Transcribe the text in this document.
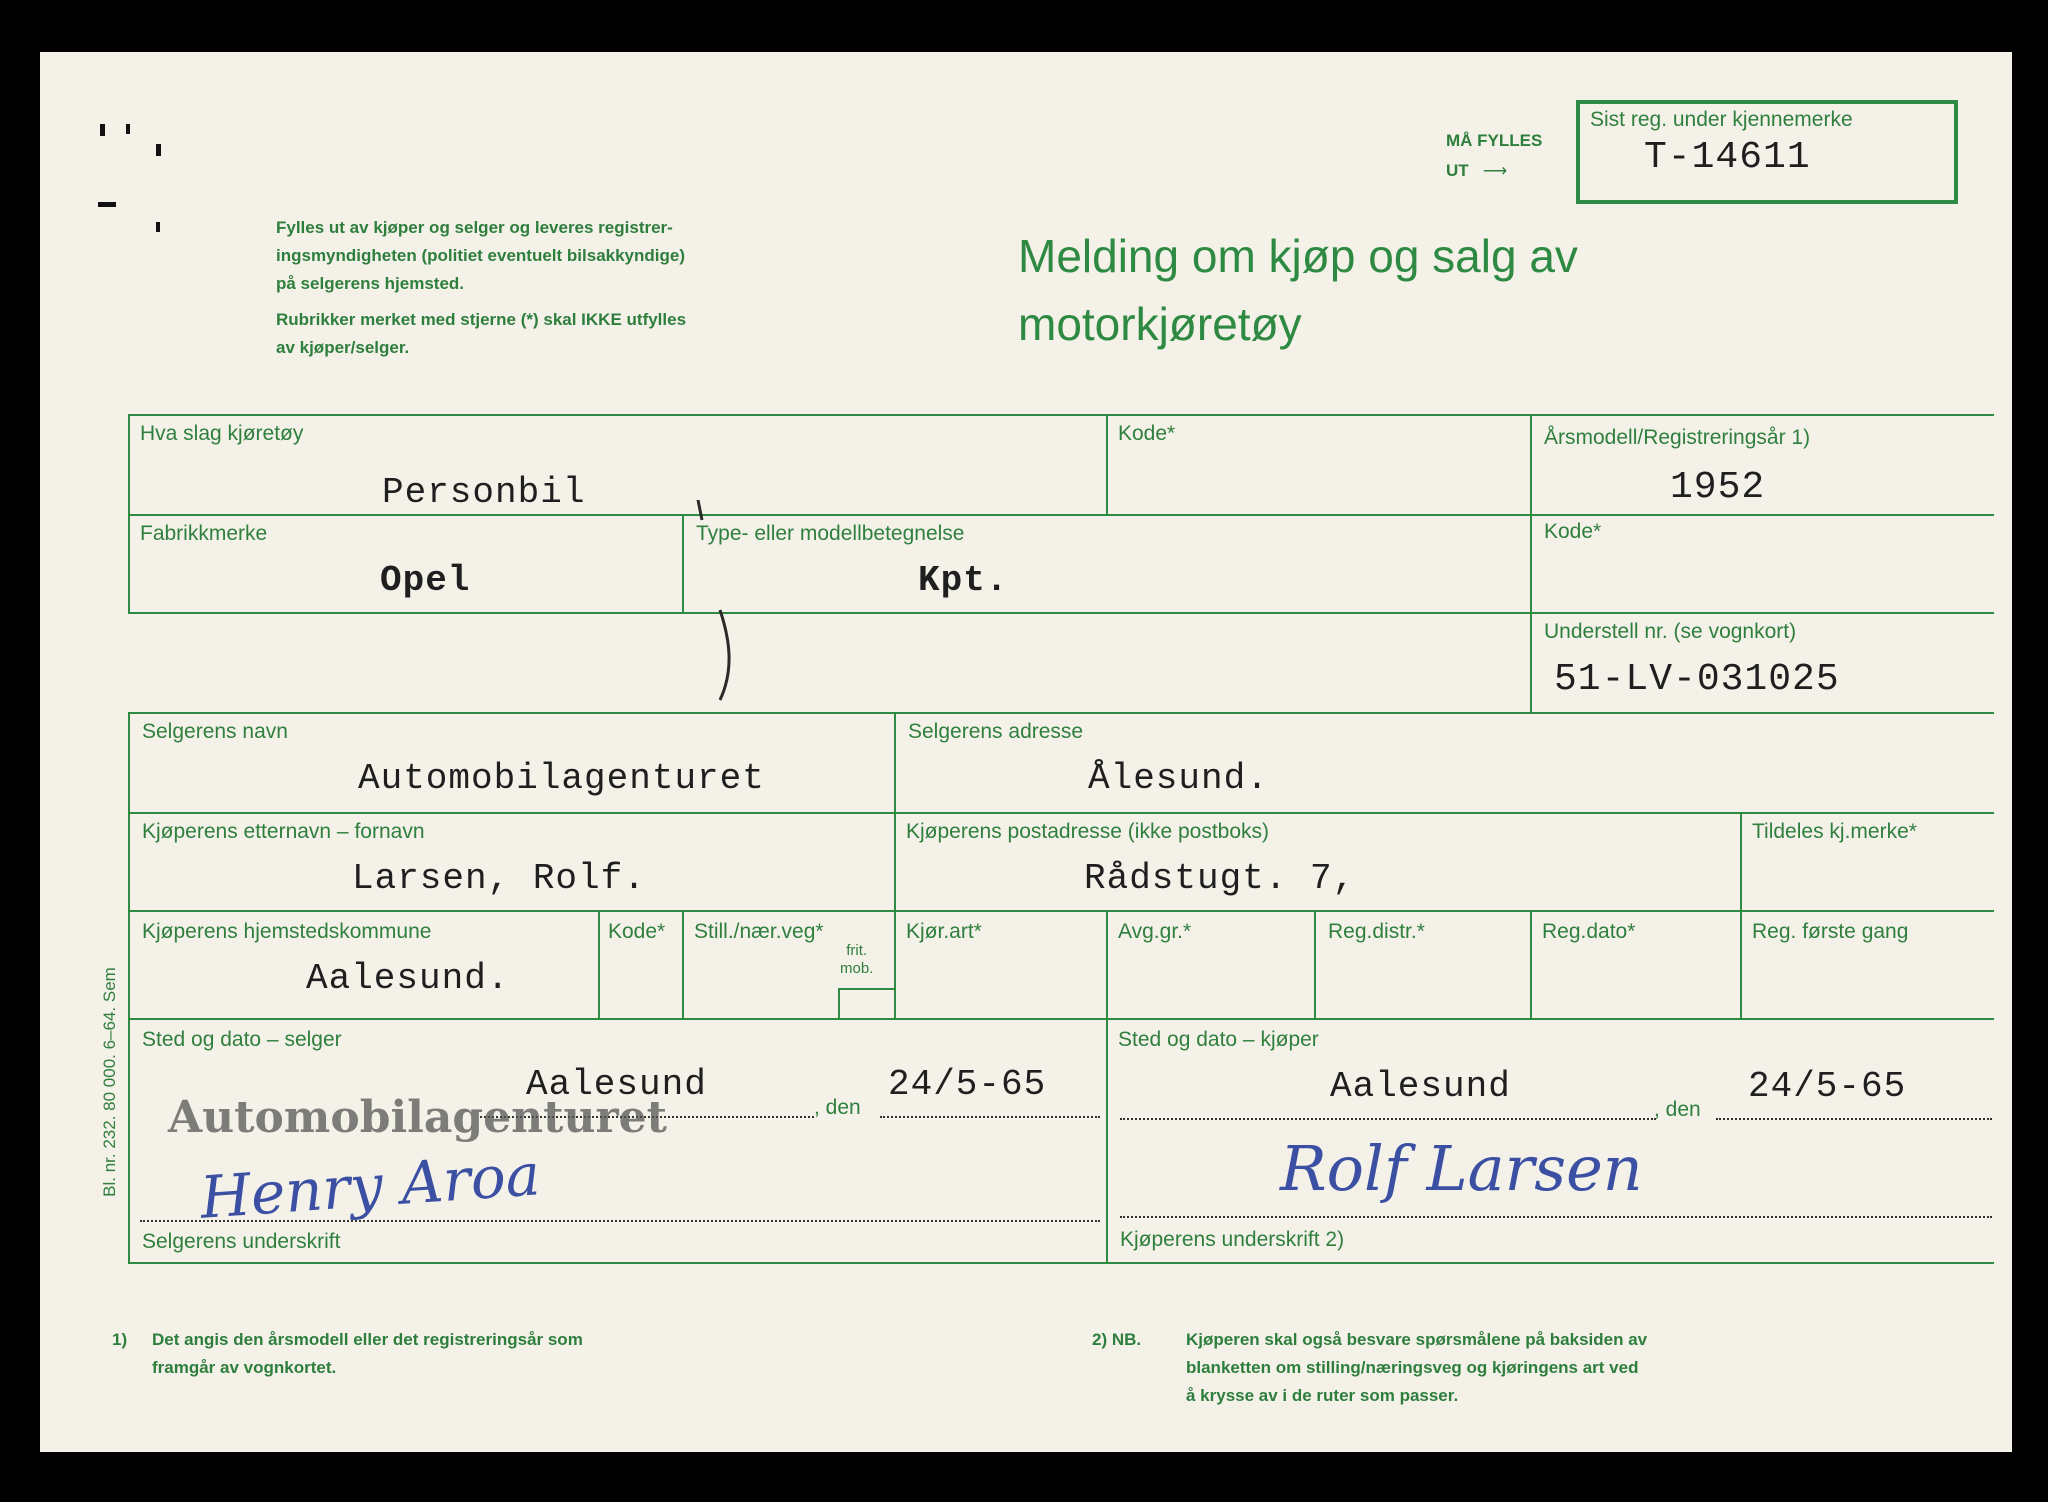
Fylles ut av kjøper og selger og leveres registrer-
ingsmyndigheten (politiet eventuelt bilsakkyndige)
på selgerens hjemsted.
Rubrikker merket med stjerne (*) skal IKKE utfylles
av kjøper/selger.
Melding om kjøp og salg av
motorkjøretøy
MÅ FYLLES
UT   ⟶
Sist reg. under kjennemerke
T-14611
Hva slag kjøretøy
Personbil
Kode*	Årsmodell/Registreringsår 1)
1952
Fabrikkmerke
Opel
Type- eller modellbetegnelse
Kpt.
Kode*
Understell nr. (se vognkort)
51-LV-031025
Selgerens navn
Automobilagenturet
Selgerens adresse
Ålesund.
Kjøperens etternavn – fornavn
Larsen, Rolf.
Kjøperens postadresse (ikke postboks)
Rådstugt. 7,
Tildeles kj.merke*
Kjøperens hjemstedskommune
Aalesund.
Kode* Still./nær.veg*
frit.
mob.
Kjør.art*	Avg.gr.*	Reg.distr.*	Reg.dato*	Reg. første gang
Sted og dato – selger
Aalesund
, den
24/5-65
Automobilagenturet
Henry Aroa
Selgerens underskrift
Sted og dato – kjøper
Aalesund
, den
24/5-65
Rolf Larsen
Kjøperens underskrift 2)
Bl. nr. 232. 80 000. 6–64. Sem
1) Det angis den årsmodell eller det registreringsår som
framgår av vognkortet.
2) NB.	Kjøperen skal også besvare spørsmålene på baksiden av
blanketten om stilling/næringsveg og kjøringens art ved
å krysse av i de ruter som passer.
